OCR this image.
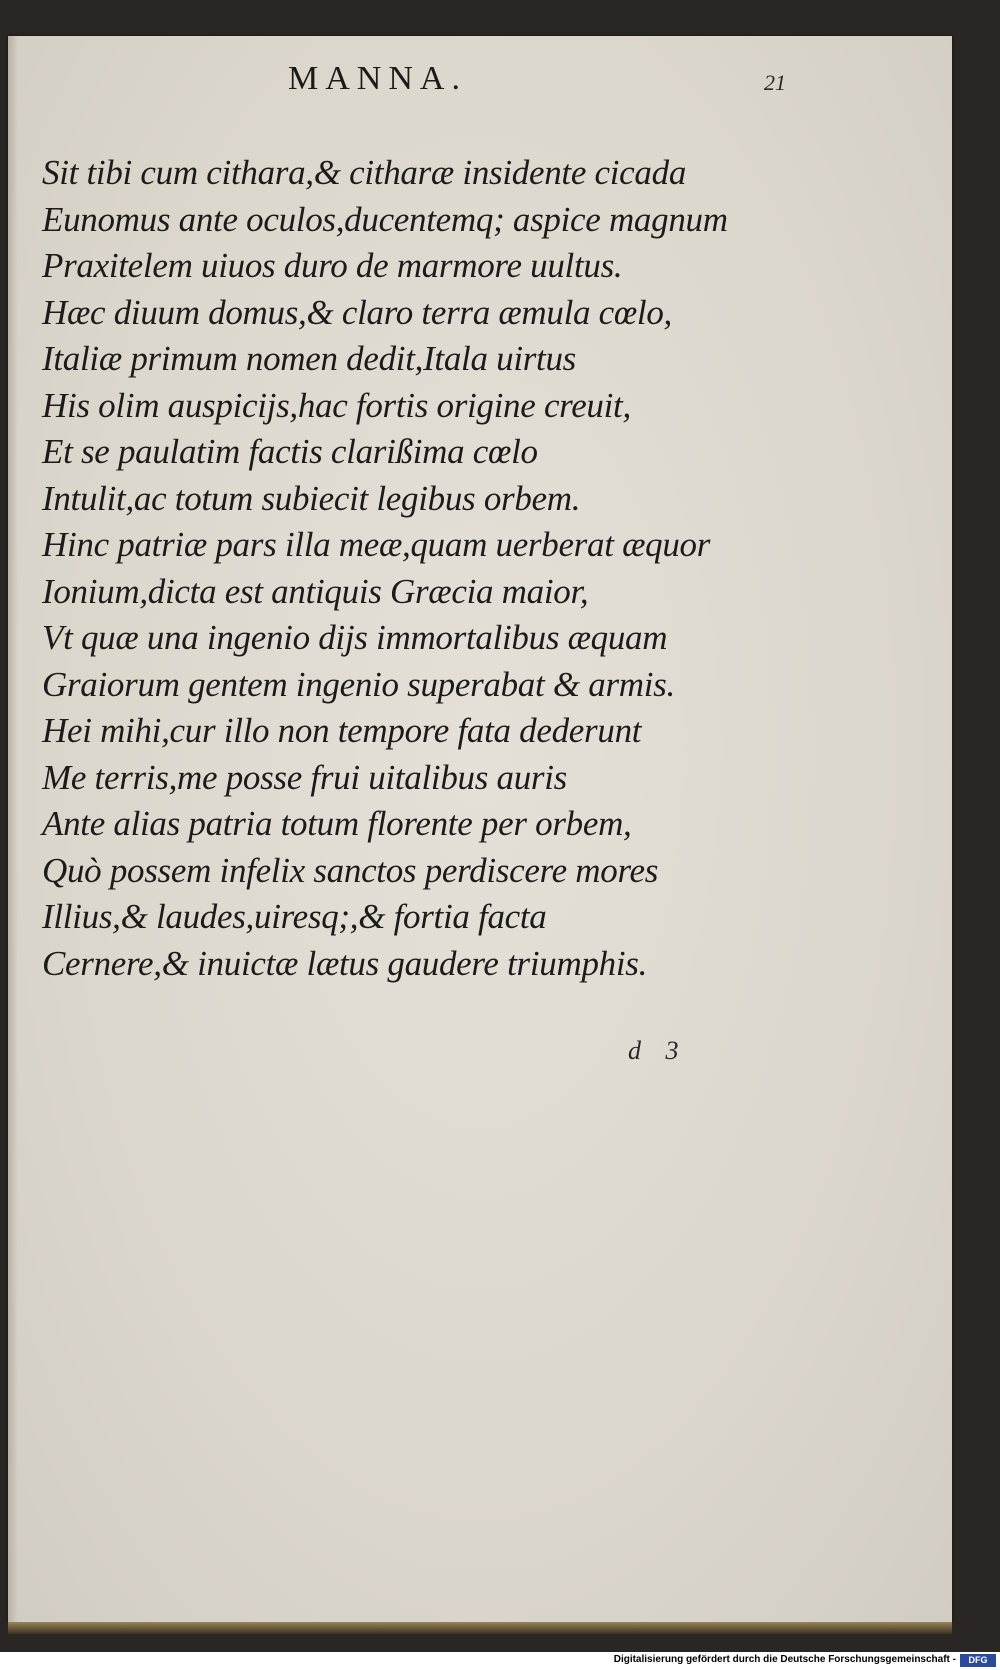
MANNA.	21
Sit tibi cum cithara,& citharæ insidente cicada
Eunomus ante oculos,ducentemq; aspice magnum
Praxitelem uiuos duro de marmore uultus.
Hæc diuum domus,& claro terra æmula cœlo,
Italiæ primum nomen dedit,Itala uirtus
His olim auspicijs,hac fortis origine creuit,
Et se paulatim factis clarißima cœlo
Intulit,ac totum subiecit legibus orbem.
Hinc patriæ pars illa meæ,quam uerberat æquor
Ionium,dicta est antiquis Græcia maior,
Vt quæ una ingenio dijs immortalibus æquam
Graiorum gentem ingenio superabat & armis.
Hei mihi,cur illo non tempore fata dederunt
Me terris,me posse frui uitalibus auris
Ante alias patria totum florente per orbem,
Quò possem infelix sanctos perdiscere mores
Illius,& laudes,uiresq;,& fortia facta
Cernere,& inuictæ lætus gaudere triumphis.
d 3
Digitalisierung gefördert durch die Deutsche Forschungsgemeinschaft -	DFG
